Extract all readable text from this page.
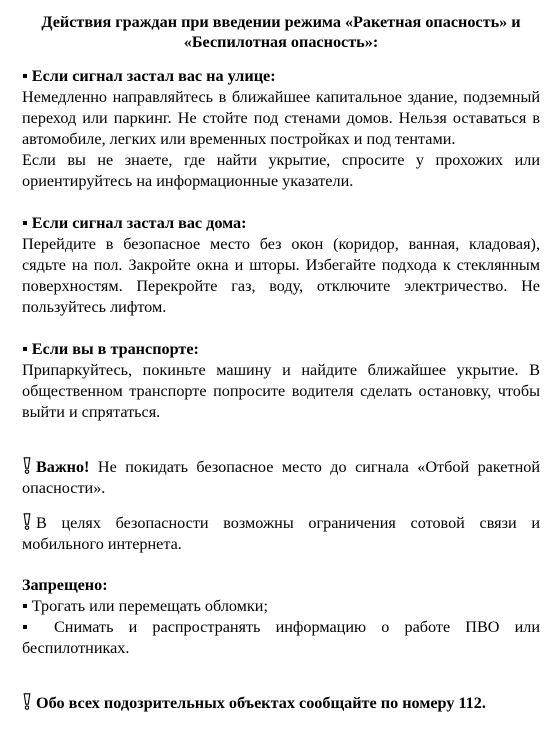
Действия граждан при введении режима «Ракетная опасность» и «Беспилотная опасность»:
▪ Если сигнал застал вас на улице:
Немедленно направляйтесь в ближайшее капитальное здание, подземный переход или паркинг. Не стойте под стенами домов. Нельзя оставаться в автомобиле, легких или временных постройках и под тентами.
Если вы не знаете, где найти укрытие, спросите у прохожих или ориентируйтесь на информационные указатели.
▪ Если сигнал застал вас дома:
Перейдите в безопасное место без окон (коридор, ванная, кладовая), сядьте на пол. Закройте окна и шторы. Избегайте подхода к стеклянным поверхностям. Перекройте газ, воду, отключите электричество. Не пользуйтесь лифтом.
▪ Если вы в транспорте:
Припаркуйтесь, покиньте машину и найдите ближайшее укрытие. В общественном транспорте попросите водителя сделать остановку, чтобы выйти и спрятаться.
Важно! Не покидать безопасное место до сигнала «Отбой ракетной опасности».
В целях безопасности возможны ограничения сотовой связи и мобильного интернета.
Запрещено:
▪ Трогать или перемещать обломки;
▪ Снимать и распространять информацию о работе ПВО или беспилотниках.
Обо всех подозрительных объектах сообщайте по номеру 112.
